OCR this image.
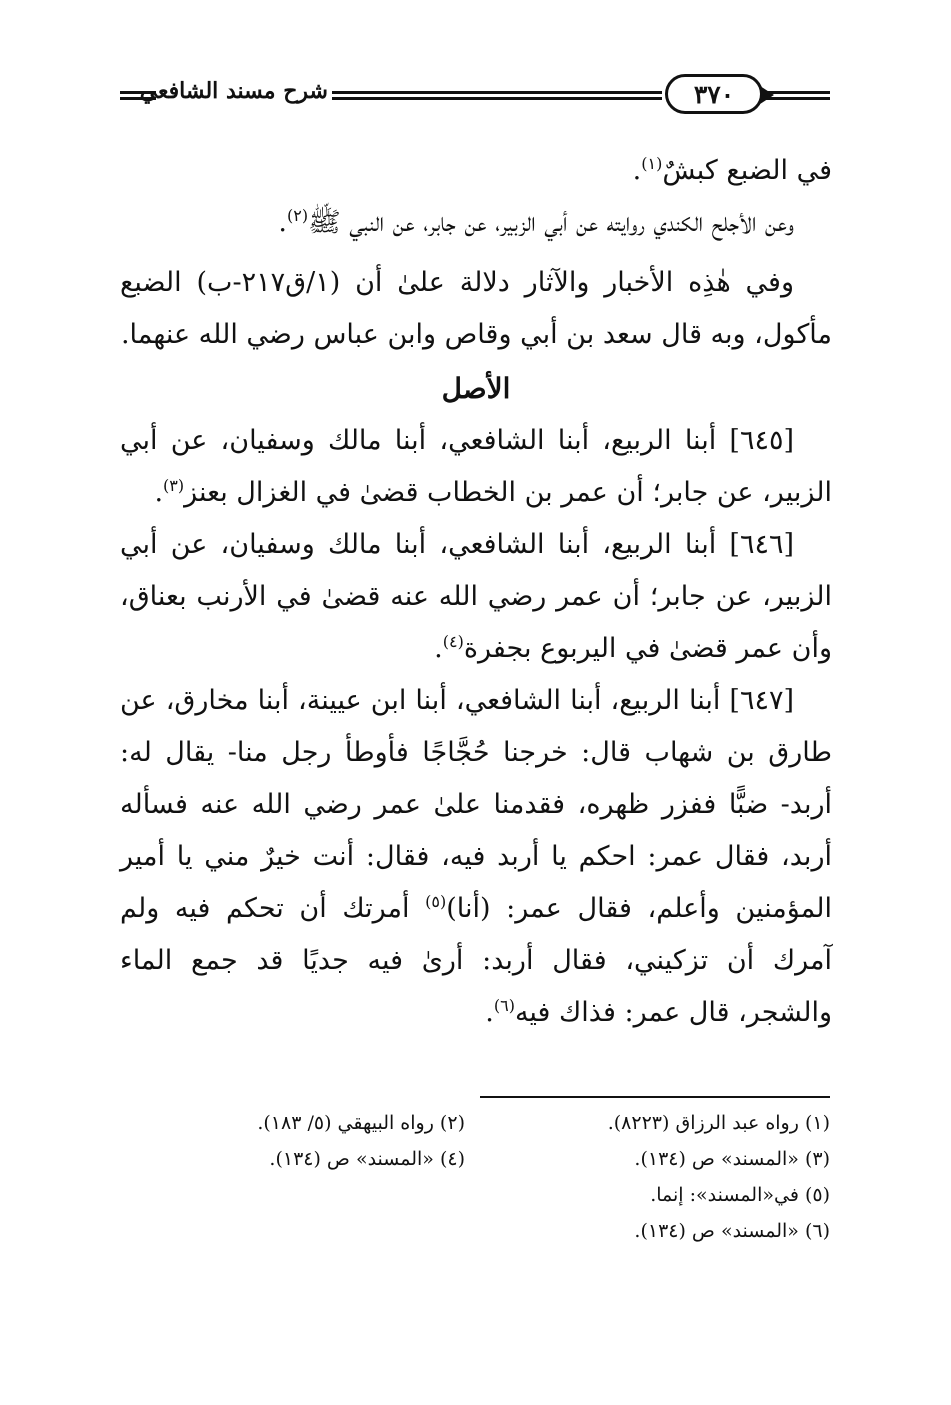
شرح مسند الشافعي	٣٧٠

في الضبع كبشٌ$^{(١)}$.

وعن الأجلح الكندي روايته عن أبي الزبير، عن جابر، عن النبي ﷺ$^{(٢)}$.

وفي هٰذِه الأخبار والآثار دلالة علىٰ أن (١/ق٢١٧-ب) الضبع مأكول، وبه قال سعد بن أبي وقاص وابن عباس رضي الله عنهما.

الأصل

[٦٤٥] أبنا الربيع، أبنا الشافعي، أبنا مالك وسفيان، عن أبي الزبير، عن جابر؛ أن عمر بن الخطاب قضىٰ في الغزال بعنز$^{(٣)}$.

[٦٤٦] أبنا الربيع، أبنا الشافعي، أبنا مالك وسفيان، عن أبي الزبير، عن جابر؛ أن عمر رضي الله عنه قضىٰ في الأرنب بعناق، وأن عمر قضىٰ في اليربوع بجفرة$^{(٤)}$.

[٦٤٧] أبنا الربيع، أبنا الشافعي، أبنا ابن عيينة، أبنا مخارق، عن طارق بن شهاب قال: خرجنا حُجَّاجًا فأوطأ رجل منا- يقال له: أربد- ضبًّا ففزر ظهره، فقدمنا علىٰ عمر رضي الله عنه فسأله أربد، فقال عمر: احكم يا أربد فيه، فقال: أنت خيرٌ مني يا أمير المؤمنين وأعلم، فقال عمر: (أنا)$^{(٥)}$ أمرتك أن تحكم فيه ولم آمرك أن تزكيني، فقال أربد: أرىٰ فيه جديًا قد جمع الماء والشجر، قال عمر: فذاك فيه$^{(٦)}$.

(١) رواه عبد الرزاق (٨٢٢٣).
(٢) رواه البيهقي (٥/ ١٨٣).
(٣) «المسند» ص (١٣٤).
(٤) «المسند» ص (١٣٤).
(٥) في«المسند»: إنما.
(٦) «المسند» ص (١٣٤).
